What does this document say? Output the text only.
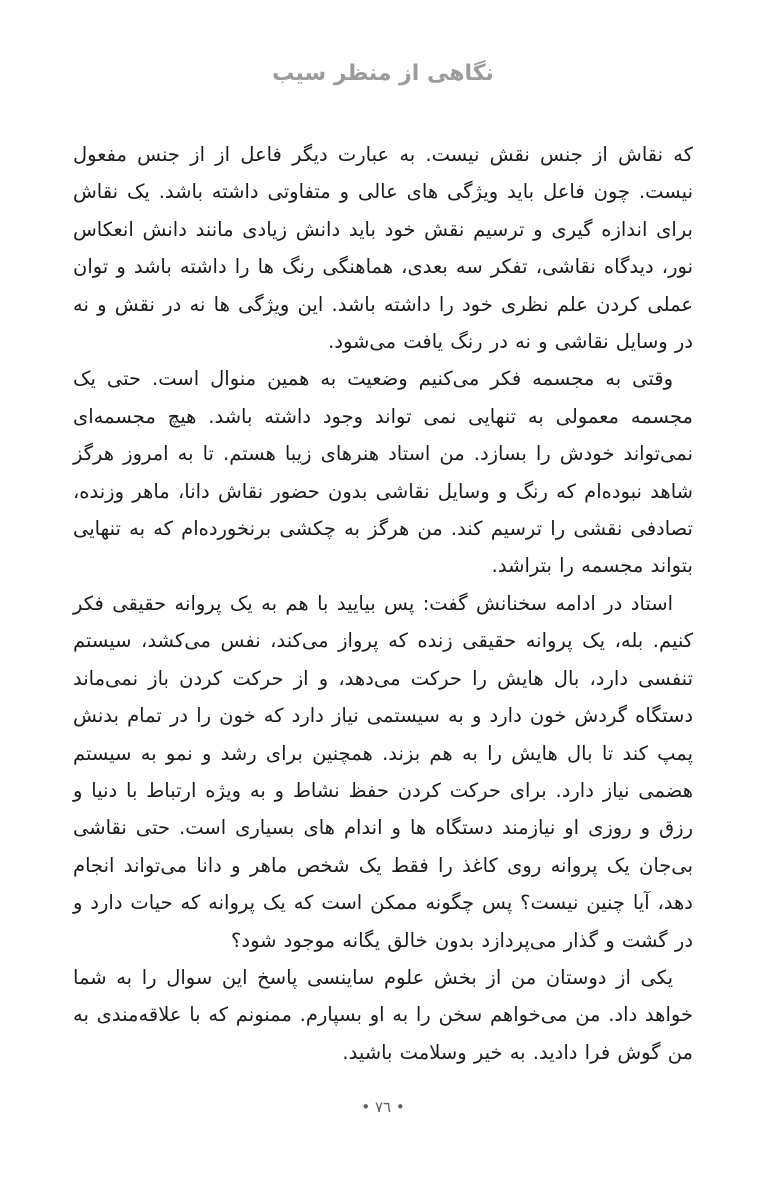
نگاهی از منظر سیب

که نقاش از جنس نقش نیست. به عبارت دیگر فاعل از از جنس مفعول نیست. چون فاعل باید ویژگی های عالی و متفاوتی داشته باشد. یک نقاش برای اندازه گیری و ترسیم نقش خود باید دانش زیادی مانند دانش انعکاس نور، دیدگاه نقاشی، تفکر سه بعدی، هماهنگی رنگ ها را داشته باشد و توان عملی کردن علم نظری خود را داشته باشد. این ویژگی ها نه در نقش و نه در وسایل نقاشی و نه در رنگ یافت می‌شود.

وقتی به مجسمه فکر می‌کنیم وضعیت به همین منوال است. حتی یک مجسمه معمولی به تنهایی نمی تواند وجود داشته باشد. هیچ مجسمه‌ای نمی‌تواند خودش را بسازد. من استاد هنرهای زیبا هستم. تا به امروز هرگز شاهد نبوده‌ام که رنگ و وسایل نقاشی بدون حضور نقاش دانا، ماهر وزنده، تصادفی نقشی را ترسیم کند. من هرگز به چکشی برنخورده‌ام که به تنهایی بتواند مجسمه را بتراشد.

استاد در ادامه سخنانش گفت: پس بیایید با هم به یک پروانه حقیقی فکر کنیم. بله، یک پروانه حقیقی زنده که پرواز می‌کند، نفس می‌کشد، سیستم تنفسی دارد، بال هایش را حرکت می‌دهد، و از حرکت کردن باز نمی‌ماند دستگاه گردش خون دارد و به سیستمی نیاز دارد که خون را در تمام بدنش پمپ کند تا بال هایش را به هم بزند. همچنین برای رشد و نمو به سیستم هضمی نیاز دارد. برای حرکت کردن حفظ نشاط و به ویژه ارتباط با دنیا و رزق و روزی او نیازمند دستگاه ها و اندام های بسیاری است. حتی نقاشی بی‌جان یک پروانه روی کاغذ را فقط یک شخص ماهر و دانا می‌تواند انجام دهد، آیا چنین نیست؟ پس چگونه ممکن است که یک پروانه که حیات دارد و در گشت و گذار می‌پردازد بدون خالق یگانه موجود شود؟

یکی از دوستان من از بخش علوم ساینسی پاسخ این سوال را به شما خواهد داد. من می‌خواهم سخن را به او بسپارم. ممنونم که با علاقه‌مندی به من گوش فرا دادید. به خیر وسلامت باشید.

• ٧٦ •
